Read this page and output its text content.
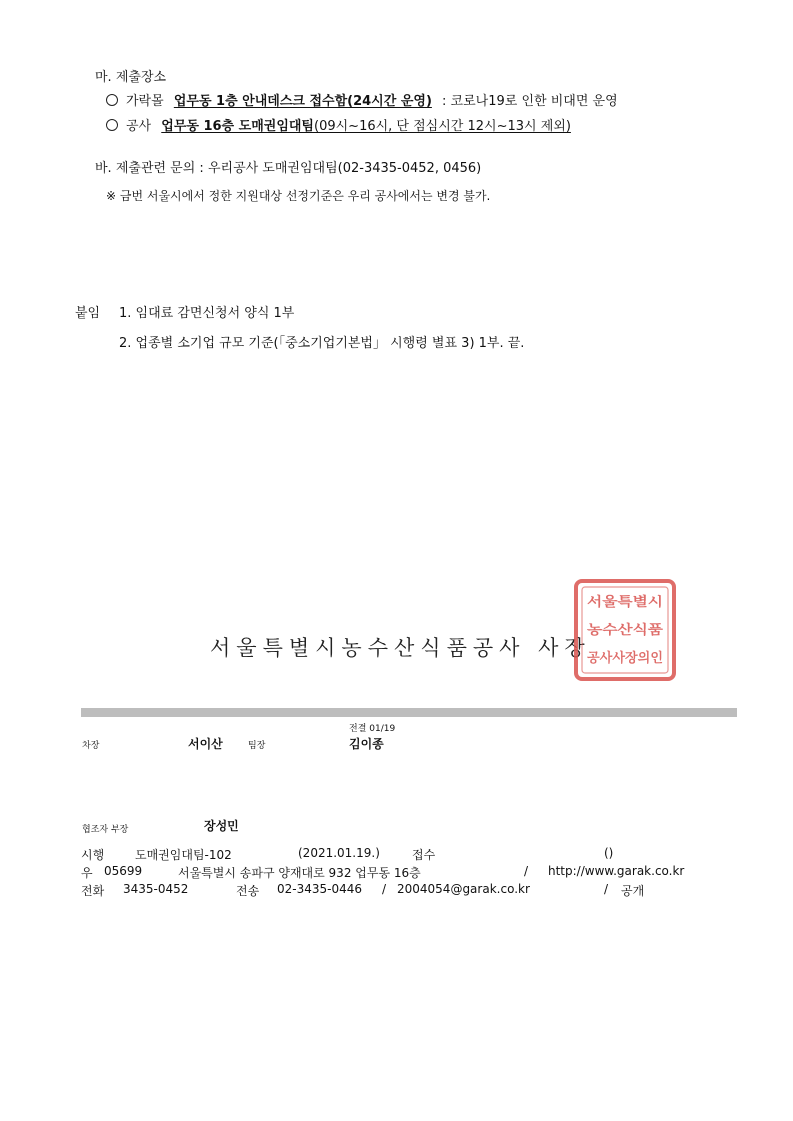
마. 제출장소
가락몰 업무동 1층 안내데스크 접수함(24시간 운영) : 코로나19로 인한 비대면 운영
공사 업무동 16층 도매권임대팀(09시~16시, 단 점심시간 12시~13시 제외)
바. 제출관련 문의 : 우리공사 도매권임대팀(02-3435-0452, 0456)
※ 금번 서울시에서 정한 지원대상 선정기준은 우리 공사에서는 변경 불가.
붙임 1. 임대료 감면신청서 양식 1부
2. 업종별 소기업 규모 기준(「중소기업기본법」 시행령 별표 3) 1부. 끝.
서울특별시농수산식품공사 사장
서울특별시
농수산식품
공사사장의인
차장	서이산	팀장
전결 01/19
김이종
협조자 부장	장성민
시행	도매권임대팀-102	(2021.01.19.)	접수	()
우 05699	서울특별시 송파구 양재대로 932 업무동 16층	/ http://www.garak.co.kr
전화 3435-0452	전송 02-3435-0446 / 2004054@garak.co.kr	/ 공개
